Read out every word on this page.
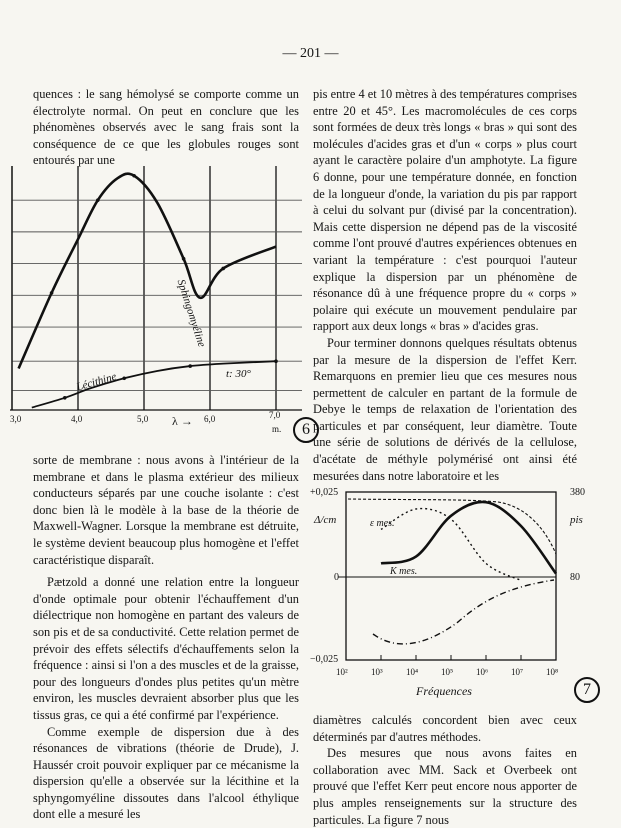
— 201 —

quences : le sang hémolysé se comporte comme un électrolyte normal. On peut en conclure que les phénomènes observés avec le sang frais sont la conséquence de ce que les globules rouges sont entourés par une

3,0	4,0	5,0	6,0	7,0
m.
λ →
Sphingomyéline
Lécithine	t: 30°
6

sorte de membrane : nous avons à l'intérieur de la membrane et dans le plasma extérieur des milieux conducteurs séparés par une couche isolante : c'est donc bien là le modèle à la base de la théorie de Maxwell-Wagner. Lorsque la membrane est détruite, le système devient beaucoup plus homogène et l'effet caractéristique disparaît.

Pætzold a donné une relation entre la longueur d'onde optimale pour obtenir l'échauffement d'un diélectrique non homogène en partant des valeurs de son pis et de sa conductivité. Cette relation permet de prévoir des effets sélectifs d'échauffements selon la fréquence : ainsi si l'on a des muscles et de la graisse, pour des longueurs d'ondes plus petites qu'un mètre environ, les muscles devraient absorber plus que les tissus gras, ce qui a été confirmé par l'expérience.

Comme exemple de dispersion due à des résonances de vibrations (théorie de Drude), J. Haussér croit pouvoir expliquer par ce mécanisme la dispersion qu'elle a observée sur la lécithine et la sphyngomyéline dissoutes dans l'alcool éthylique dont elle a mesuré les

pis entre 4 et 10 mètres à des températures comprises entre 20 et 45°. Les macromolécules de ces corps sont formées de deux très longs « bras » qui sont des molécules d'acides gras et d'un « corps » plus court ayant le caractère polaire d'un amphotyte. La figure 6 donne, pour une température donnée, en fonction de la longueur d'onde, la variation du pis par rapport à celui du solvant pur (divisé par la concentration). Mais cette dispersion ne dépend pas de la viscosité comme l'ont prouvé d'autres expériences obtenues en variant la température : c'est pourquoi l'auteur explique la dispersion par un phénomène de résonance dû à une fréquence propre du « corps » polaire qui exécute un mouvement pendulaire par rapport aux deux longs « bras » d'acides gras.

Pour terminer donnons quelques résultats obtenus par la mesure de la dispersion de l'effet Kerr. Remarquons en premier lieu que ces mesures nous permettent de calculer en partant de la formule de Debye le temps de relaxation de l'orientation des particules et par conséquent, leur diamètre. Toute une série de solutions de dérivés de la cellulose, d'acétate de méthyle polymérisé ont ainsi été mesurées dans notre laboratoire et les

+0,025
−0,025
0
Δ/cm
380
80
pis
ε mes.
K mes.
10²	10³	10⁴	10⁵	10⁶	10⁷	10⁸
Fréquences	7

diamètres calculés concordent bien avec ceux déterminés par d'autres méthodes.

Des mesures que nous avons faites en collaboration avec MM. Sack et Overbeek ont prouvé que l'effet Kerr peut encore nous apporter de plus amples renseignements sur la structure des particules. La figure 7 nous
